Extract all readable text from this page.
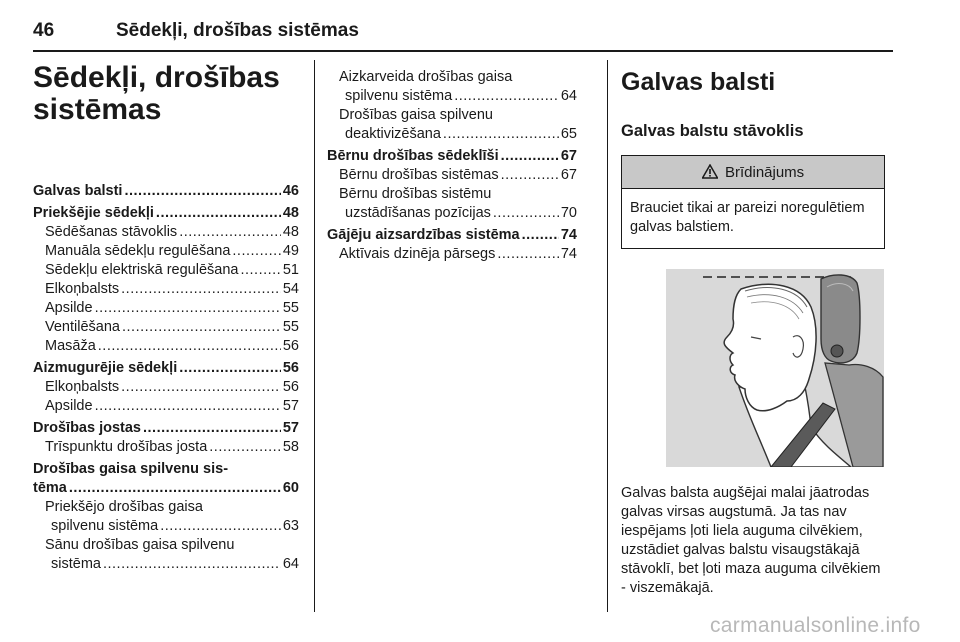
46	Sēdekļi, drošības sistēmas
Sēdekļi, drošības sistēmas
Galvas balsti .....	46
Priekšējie sēdekļi .....	48
Sēdēšanas stāvoklis .....	48
Manuāla sēdekļu regulēšana .....	49
Sēdekļu elektriskā regulēšana .....	51
Elkoņbalsts .....	54
Apsilde .....	55
Ventilēšana .....	55
Masāža .....	56
Aizmugurējie sēdekļi .....	56
Elkoņbalsts .....	56
Apsilde .....	57
Drošības jostas .....	57
Trīspunktu drošības josta .....	58
Drošības gaisa spilvenu sis-
tēma .....	60
Priekšējo drošības gaisa
spilvenu sistēma .....	63
Sānu drošības gaisa spilvenu
sistēma .....	64
Aizkarveida drošības gaisa
spilvenu sistēma .....	64
Drošības gaisa spilvenu
deaktivizēšana .....	65
Bērnu drošības sēdeklīši .....	67
Bērnu drošības sistēmas .....	67
Bērnu drošības sistēmu
uzstādīšanas pozīcijas .....	70
Gājēju aizsardzības sistēma .....	74
Aktīvais dzinēja pārsegs .....	74
Galvas balsti
Galvas balstu stāvoklis
Brīdinājums
Brauciet tikai ar pareizi noregulētiem galvas balstiem.
Galvas balsta augšējai malai jāatrodas galvas virsas augstumā. Ja tas nav iespējams ļoti liela auguma cilvēkiem, uzstādiet galvas balstu visaugstākajā stāvoklī, bet ļoti maza auguma cilvēkiem - viszemākajā.
carmanualsonline.info
